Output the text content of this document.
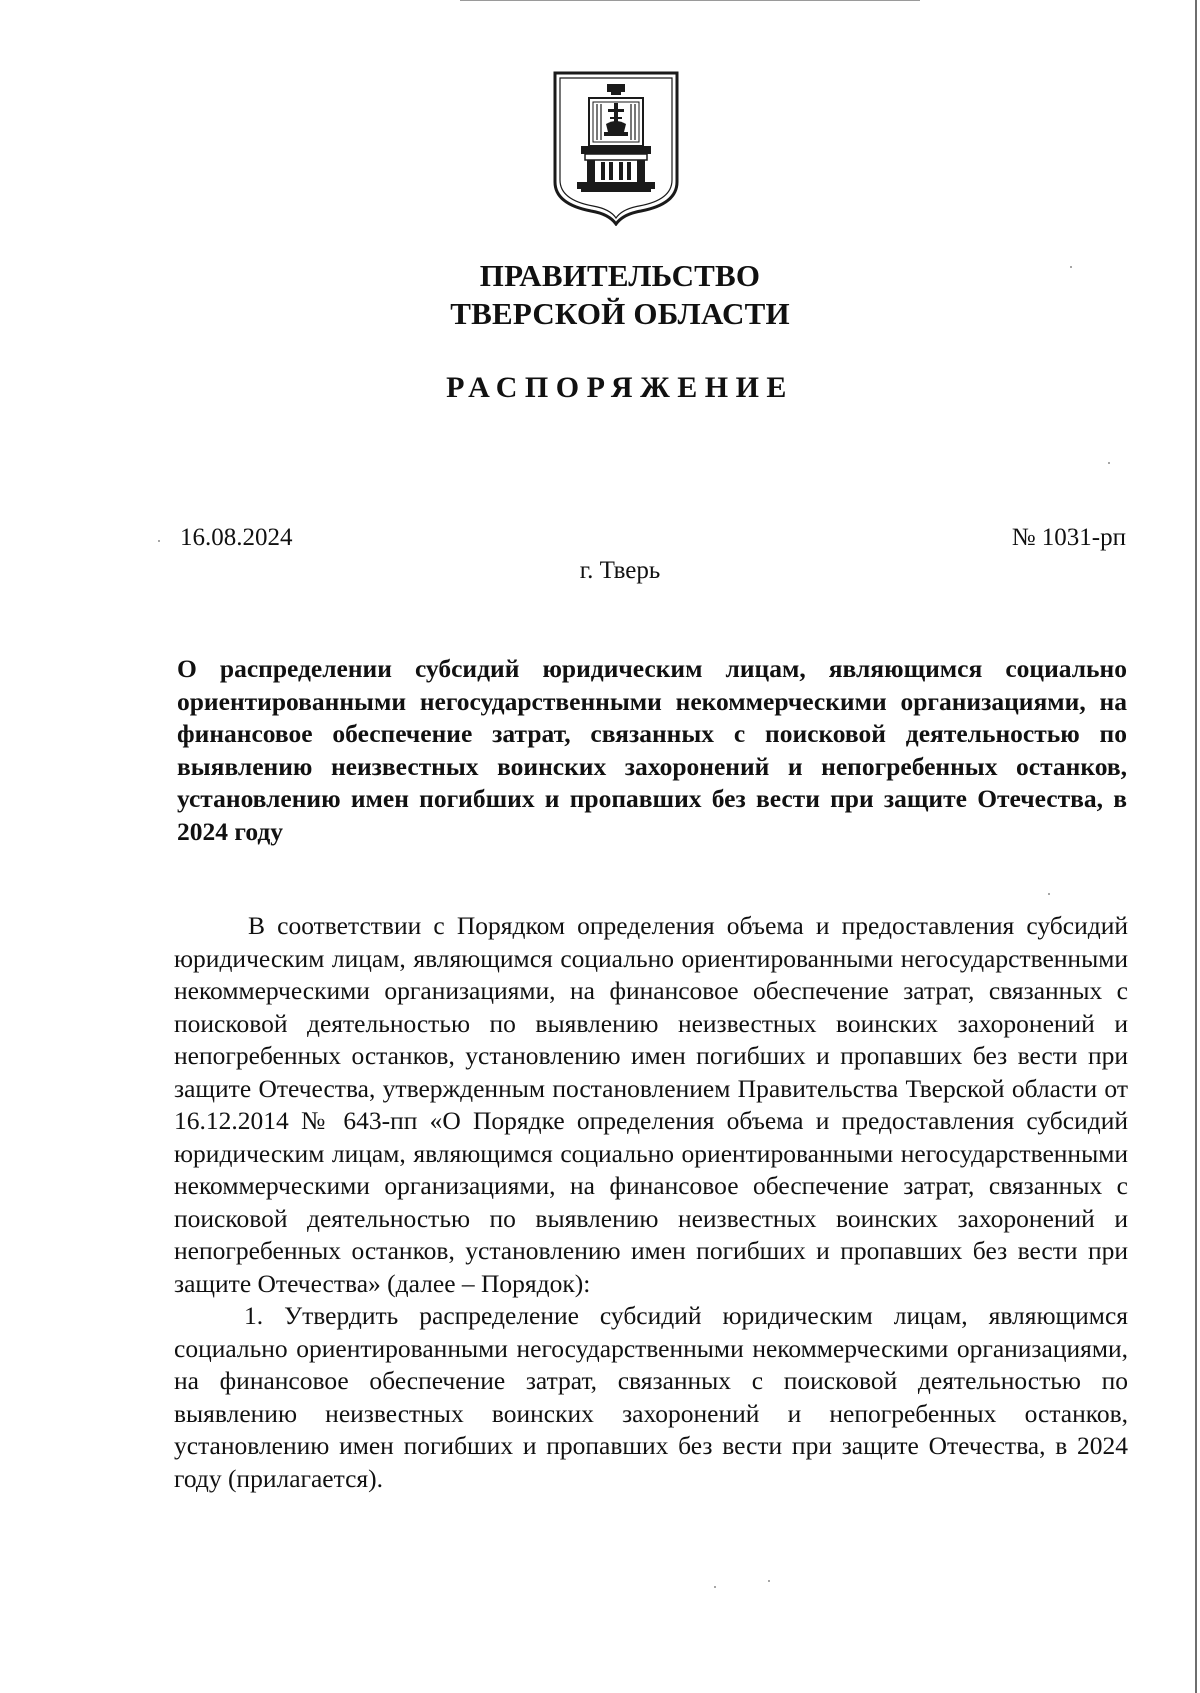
ПРАВИТЕЛЬСТВО
ТВЕРСКОЙ ОБЛАСТИ
РАСПОРЯЖЕНИЕ
16.08.2024	№ 1031-рп
г. Тверь
О распределении субсидий юридическим лицам, являющимся социально ориентированными негосударственными некоммерческими организациями, на финансовое обеспечение затрат, связанных с поисковой деятельностью по выявлению неизвестных воинских захоронений и непогребенных останков, установлению имен погибших и пропавших без вести при защите Отечества, в 2024 году

В соответствии с Порядком определения объема и предоставления субсидий юридическим лицам, являющимся социально ориентированными негосударственными некоммерческими организациями, на финансовое обеспечение затрат, связанных с поисковой деятельностью по выявлению неизвестных воинских захоронений и непогребенных останков, установлению имен погибших и пропавших без вести при защите Отечества, утвержденным постановлением Правительства Тверской области от 16.12.2014 № 643-пп «О Порядке определения объема и предоставления субсидий юридическим лицам, являющимся социально ориентированными негосударственными некоммерческими организациями, на финансовое обеспечение затрат, связанных с поисковой деятельностью по выявлению неизвестных воинских захоронений и непогребенных останков, установлению имен погибших и пропавших без вести при защите Отечества» (далее – Порядок):

1. Утвердить распределение субсидий юридическим лицам, являющимся социально ориентированными негосударственными некоммерческими организациями, на финансовое обеспечение затрат, связанных с поисковой деятельностью по выявлению неизвестных воинских захоронений и непогребенных останков, установлению имен погибших и пропавших без вести при защите Отечества, в 2024 году (прилагается).
